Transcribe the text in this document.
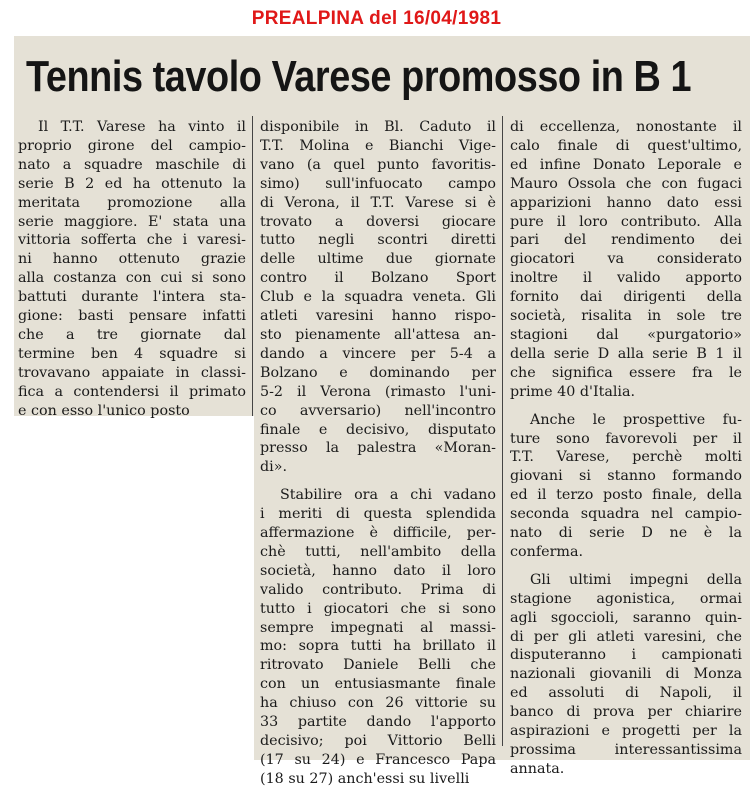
PREALPINA del 16/04/1981
Tennis tavolo Varese promosso in B 1
Il T.T. Varese ha vinto il
proprio girone del campio-
nato a squadre maschile di
serie B 2 ed ha ottenuto la
meritata promozione alla
serie maggiore. E' stata una
vittoria sofferta che i varesi-
ni hanno ottenuto grazie
alla costanza con cui si sono
battuti durante l'intera sta-
gione: basti pensare infatti
che a tre giornate dal
termine ben 4 squadre si
trovavano appaiate in classi-
fica a contendersi il primato
e con esso l'unico posto
disponibile in Bl. Caduto il
T.T. Molina e Bianchi Vige-
vano (a quel punto favoritis-
simo) sull'infuocato campo
di Verona, il T.T. Varese si è
trovato a doversi giocare
tutto negli scontri diretti
delle ultime due giornate
contro il Bolzano Sport
Club e la squadra veneta. Gli
atleti varesini hanno rispo-
sto pienamente all'attesa an-
dando a vincere per 5-4 a
Bolzano e dominando per
5-2 il Verona (rimasto l'uni-
co avversario) nell'incontro
finale e decisivo, disputato
presso la palestra «Moran-
di».
Stabilire ora a chi vadano
i meriti di questa splendida
affermazione è difficile, per-
chè tutti, nell'ambito della
società, hanno dato il loro
valido contributo. Prima di
tutto i giocatori che si sono
sempre impegnati al massi-
mo: sopra tutti ha brillato il
ritrovato Daniele Belli che
con un entusiasmante finale
ha chiuso con 26 vittorie su
33 partite dando l'apporto
decisivo; poi Vittorio Belli
(17 su 24) e Francesco Papa
(18 su 27) anch'essi su livelli
di eccellenza, nonostante il
calo finale di quest'ultimo,
ed infine Donato Leporale e
Mauro Ossola che con fugaci
apparizioni hanno dato essi
pure il loro contributo. Alla
pari del rendimento dei
giocatori va considerato
inoltre il valido apporto
fornito dai dirigenti della
società, risalita in sole tre
stagioni dal «purgatorio»
della serie D alla serie B 1 il
che significa essere fra le
prime 40 d'Italia.
Anche le prospettive fu-
ture sono favorevoli per il
T.T. Varese, perchè molti
giovani si stanno formando
ed il terzo posto finale, della
seconda squadra nel campio-
nato di serie D ne è la
conferma.
Gli ultimi impegni della
stagione agonistica, ormai
agli sgoccioli, saranno quin-
di per gli atleti varesini, che
disputeranno i campionati
nazionali giovanili di Monza
ed assoluti di Napoli, il
banco di prova per chiarire
aspirazioni e progetti per la
prossima interessantissima
annata.
